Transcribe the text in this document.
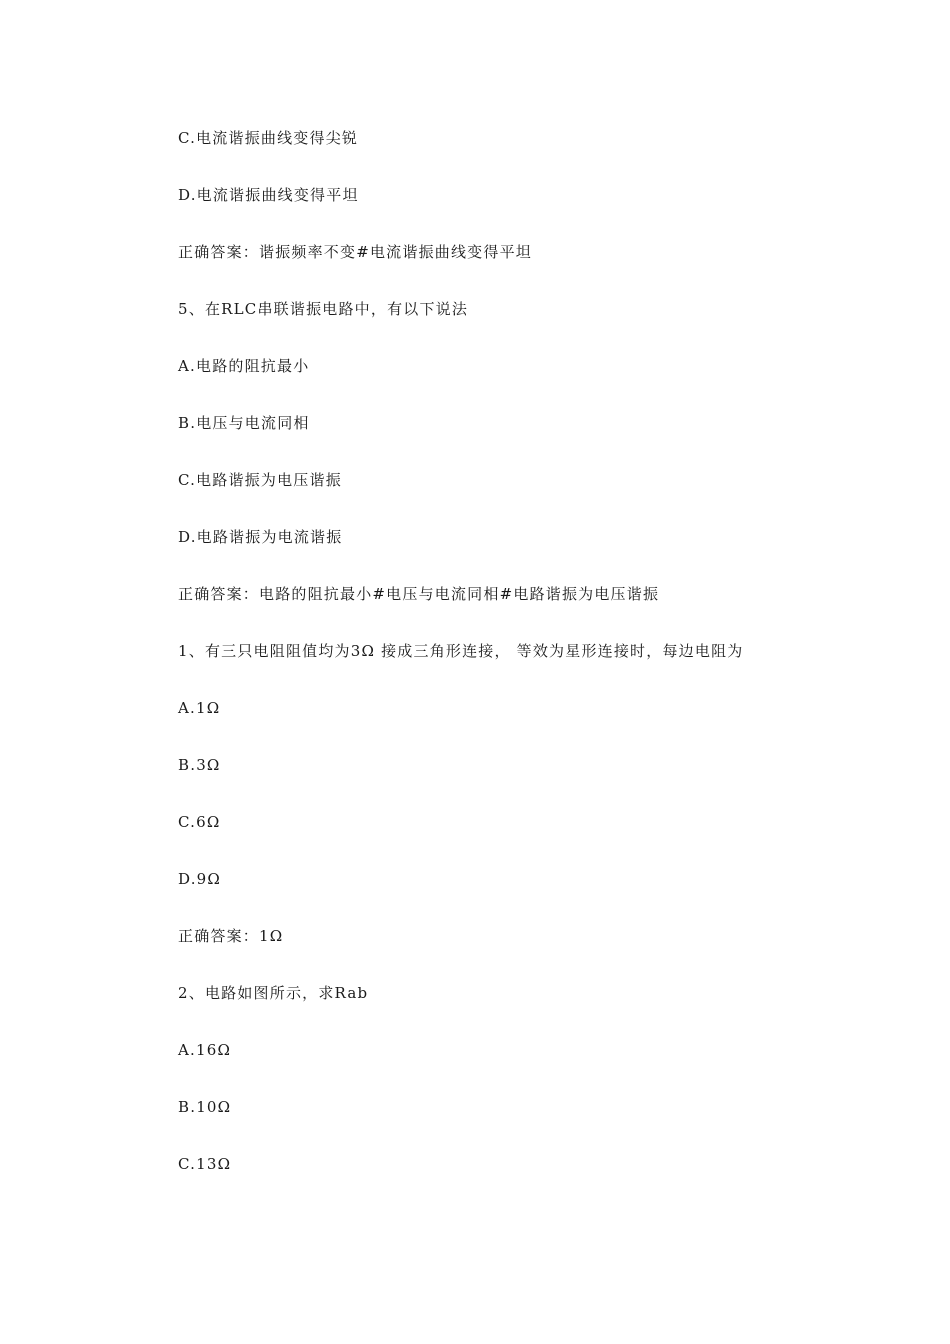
C.电流谐振曲线变得尖锐
D.电流谐振曲线变得平坦
正确答案：谐振频率不变#电流谐振曲线变得平坦
5、在RLC串联谐振电路中，有以下说法
A.电路的阻抗最小
B.电压与电流同相
C.电路谐振为电压谐振
D.电路谐振为电流谐振
正确答案：电路的阻抗最小#电压与电流同相#电路谐振为电压谐振
1、有三只电阻阻值均为3Ω 接成三角形连接， 等效为星形连接时，每边电阻为
A.1Ω
B.3Ω
C.6Ω
D.9Ω
正确答案：1Ω
2、电路如图所示，求Rab
A.16Ω
B.10Ω
C.13Ω
